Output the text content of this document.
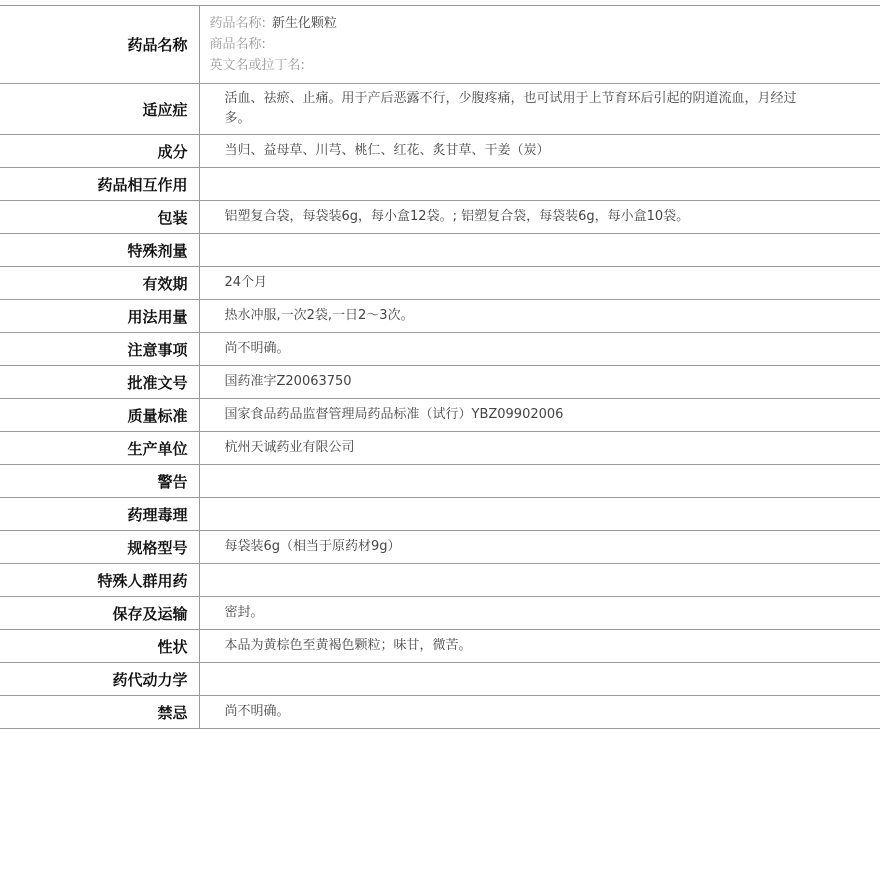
药品名称	药品名称: 新生化颗粒
商品名称:
英文名或拉丁名:

适应症	活血、祛瘀、止痛。用于产后恶露不行，少腹疼痛，也可试用于上节育环后引起的阴道流血，月经过多。
成分	当归、益母草、川芎、桃仁、红花、炙甘草、干姜（炭）
药品相互作用	
包装	铝塑复合袋，每袋装6g，每小盒12袋。; 铝塑复合袋，每袋装6g，每小盒10袋。
特殊剂量	
有效期	24个月
用法用量	热水冲服,一次2袋,一日2～3次。
注意事项	尚不明确。
批准文号	国药准字Z20063750
质量标准	国家食品药品监督管理局药品标准（试行）YBZ09902006
生产单位	杭州天诚药业有限公司
警告	
药理毒理	
规格型号	每袋装6g（相当于原药材9g）
特殊人群用药	
保存及运输	密封。
性状	本品为黄棕色至黄褐色颗粒；味甘，微苦。
药代动力学	
禁忌	尚不明确。
